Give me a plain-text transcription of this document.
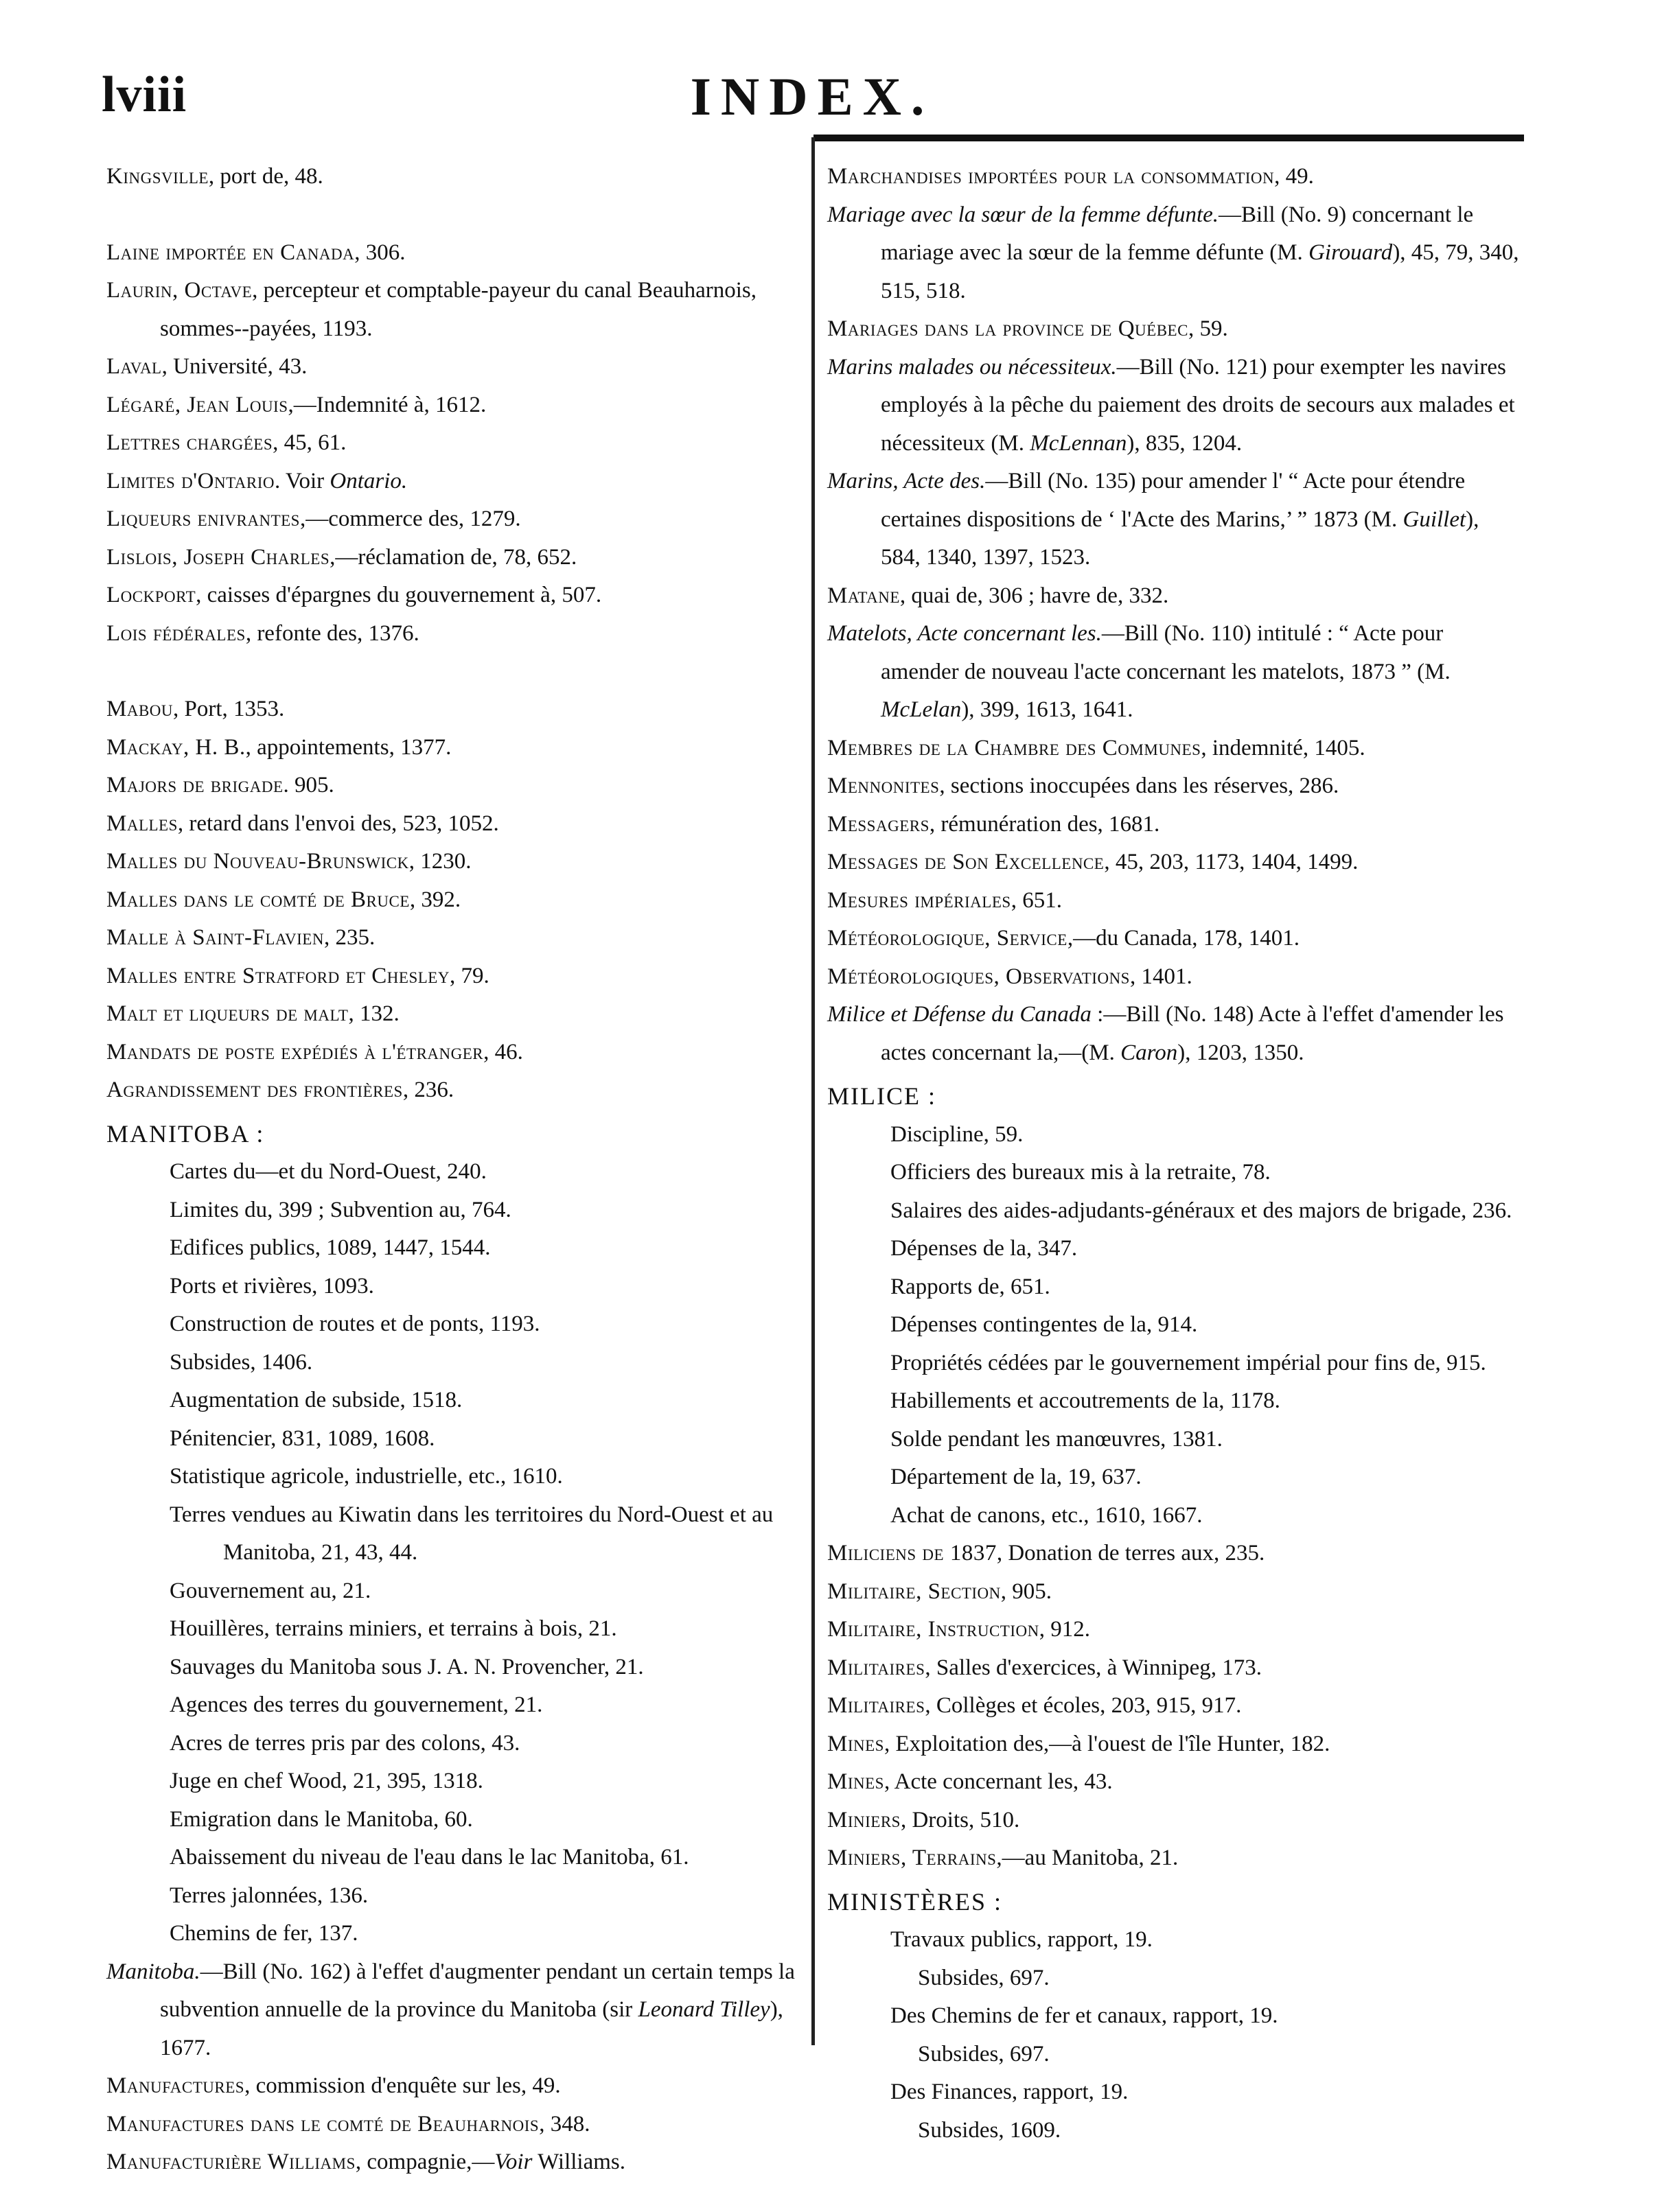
lviii	INDEX.

Kingsville, port de, 48.

Laine importée en Canada, 306.

Laurin, Octave, percepteur et comptable-payeur du canal Beauharnois, sommes--payées, 1193.

Laval, Université, 43.

Légaré, Jean Louis,—Indemnité à, 1612.

Lettres chargées, 45, 61.

Limites d'Ontario. Voir Ontario.

Liqueurs enivrantes,—commerce des, 1279.

Lislois, Joseph Charles,—réclamation de, 78, 652.

Lockport, caisses d'épargnes du gouvernement à, 507.

Lois fédérales, refonte des, 1376.

Mabou, Port, 1353.

Mackay, H. B., appointements, 1377.

Majors de brigade. 905.

Malles, retard dans l'envoi des, 523, 1052.

Malles du Nouveau-Brunswick, 1230.

Malles dans le comté de Bruce, 392.

Malle à Saint-Flavien, 235.

Malles entre Stratford et Chesley, 79.

Malt et liqueurs de malt, 132.

Mandats de poste expédiés à l'étranger, 46.

Agrandissement des frontières, 236.

MANITOBA :

Cartes du—et du Nord-Ouest, 240.

Limites du, 399 ; Subvention au, 764.

Edifices publics, 1089, 1447, 1544.

Ports et rivières, 1093.

Construction de routes et de ponts, 1193.

Subsides, 1406.

Augmentation de subside, 1518.

Pénitencier, 831, 1089, 1608.

Statistique agricole, industrielle, etc., 1610.

Terres vendues au Kiwatin dans les territoires du Nord-Ouest et au Manitoba, 21, 43, 44.

Gouvernement au, 21.

Houillères, terrains miniers, et terrains à bois, 21.

Sauvages du Manitoba sous J. A. N. Provencher, 21.

Agences des terres du gouvernement, 21.

Acres de terres pris par des colons, 43.

Juge en chef Wood, 21, 395, 1318.

Emigration dans le Manitoba, 60.

Abaissement du niveau de l'eau dans le lac Manitoba, 61.

Terres jalonnées, 136.

Chemins de fer, 137.

Manitoba.—Bill (No. 162) à l'effet d'augmenter pendant un certain temps la subvention annuelle de la province du Manitoba (sir Leonard Tilley), 1677.

Manufactures, commission d'enquête sur les, 49.

Manufactures dans le comté de Beauharnois, 348.

Manufacturière Williams, compagnie,—Voir Williams.

Marchandises importées pour la consommation, 49.

Mariage avec la sœur de la femme défunte.—Bill (No. 9) concernant le mariage avec la sœur de la femme défunte (M. Girouard), 45, 79, 340, 515, 518.

Mariages dans la province de Québec, 59.

Marins malades ou nécessiteux.—Bill (No. 121) pour exempter les navires employés à la pêche du paiement des droits de secours aux malades et nécessiteux (M. McLennan), 835, 1204.

Marins, Acte des.—Bill (No. 135) pour amender l' “ Acte pour étendre certaines dispositions de ‘ l'Acte des Marins,’ ” 1873 (M. Guillet), 584, 1340, 1397, 1523.

Matane, quai de, 306 ; havre de, 332.

Matelots, Acte concernant les.—Bill (No. 110) intitulé : “ Acte pour amender de nouveau l'acte concernant les matelots, 1873 ” (M. McLelan), 399, 1613, 1641.

Membres de la Chambre des Communes, indemnité, 1405.

Mennonites, sections inoccupées dans les réserves, 286.

Messagers, rémunération des, 1681.

Messages de Son Excellence, 45, 203, 1173, 1404, 1499.

Mesures impériales, 651.

Météorologique, Service,—du Canada, 178, 1401.

Météorologiques, Observations, 1401.

Milice et Défense du Canada :—Bill (No. 148) Acte à l'effet d'amender les actes concernant la,—(M. Caron), 1203, 1350.

MILICE :

Discipline, 59.

Officiers des bureaux mis à la retraite, 78.

Salaires des aides-adjudants-généraux et des majors de brigade, 236.

Dépenses de la, 347.

Rapports de, 651.

Dépenses contingentes de la, 914.

Propriétés cédées par le gouvernement impérial pour fins de, 915.

Habillements et accoutrements de la, 1178.

Solde pendant les manœuvres, 1381.

Département de la, 19, 637.

Achat de canons, etc., 1610, 1667.

Miliciens de 1837, Donation de terres aux, 235.

Militaire, Section, 905.

Militaire, Instruction, 912.

Militaires, Salles d'exercices, à Winnipeg, 173.

Militaires, Collèges et écoles, 203, 915, 917.

Mines, Exploitation des,—à l'ouest de l'île Hunter, 182.

Mines, Acte concernant les, 43.

Miniers, Droits, 510.

Miniers, Terrains,—au Manitoba, 21.

MINISTÈRES :

Travaux publics, rapport, 19.

Subsides, 697.

Des Chemins de fer et canaux, rapport, 19.

Subsides, 697.

Des Finances, rapport, 19.

Subsides, 1609.
